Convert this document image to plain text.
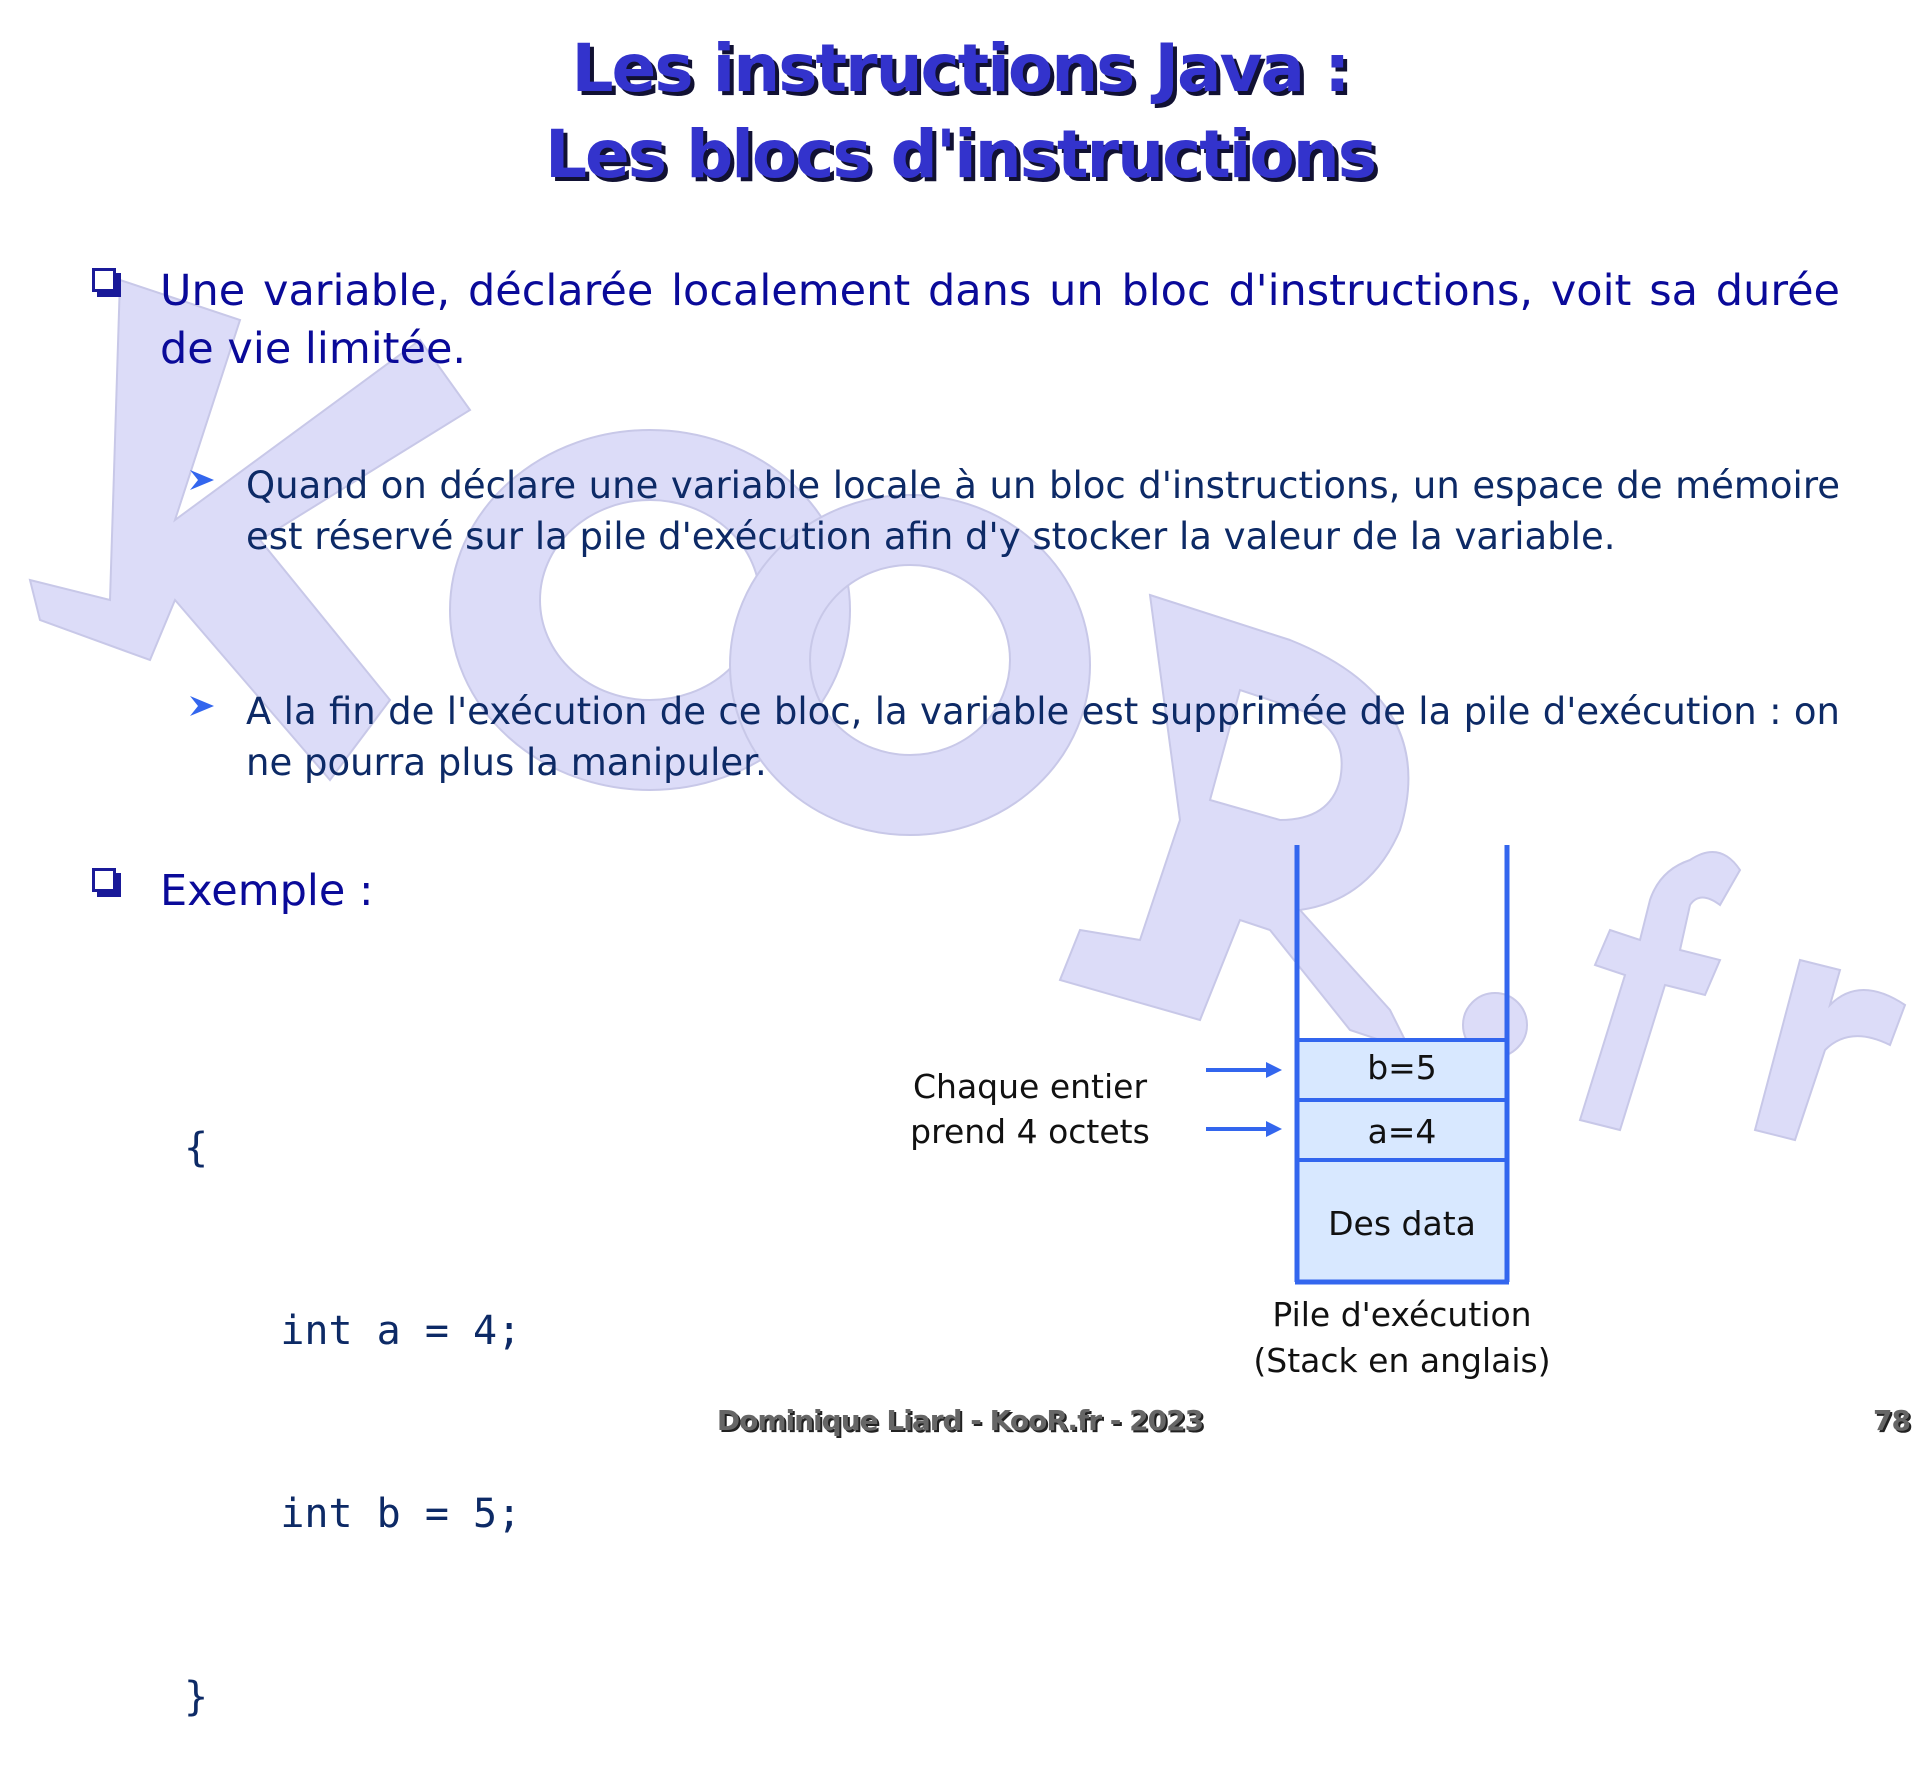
Les instructions Java :
Les blocs d'instructions
Une variable, déclarée localement dans un bloc d'instructions, voit sa durée de vie limitée.
Quand on déclare une variable locale à un bloc d'instructions, un espace de mémoire est réservé sur la pile d'exécution afin d'y stocker la valeur de la variable.
A la fin de l'exécution de ce bloc, la variable est supprimée de la pile d'exécution : on ne pourra plus la manipuler.
Exemple :

{

int a = 4;

int b = 5;

}

b=5
a=4
Des data
Chaque entier
prend 4 octets
Pile d'exécution
(Stack en anglais)
Dominique Liard - KooR.fr - 2023	78
